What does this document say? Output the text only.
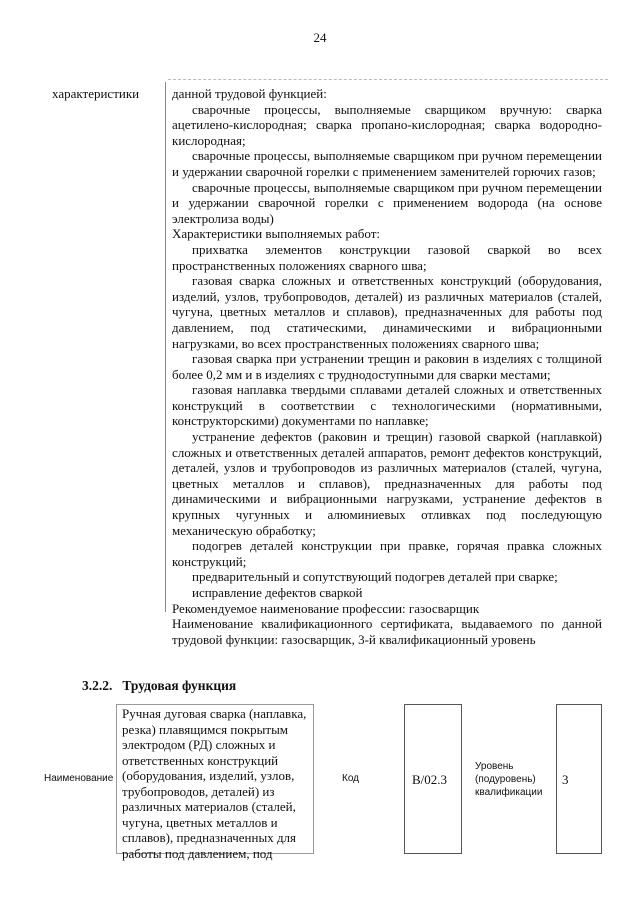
24
характеристики	данной трудовой функцией:

сварочные процессы, выполняемые сварщиком вручную: сварка ацетилено-кислородная; сварка пропано-кислородная; сварка водородно-кислородная;

сварочные процессы, выполняемые сварщиком при ручном перемещении и удержании сварочной горелки с применением заменителей горючих газов;

сварочные процессы, выполняемые сварщиком при ручном перемещении и удержании сварочной горелки с применением водорода (на основе электролиза воды)

Характеристики выполняемых работ:

прихватка элементов конструкции газовой сваркой во всех пространственных положениях сварного шва;

газовая сварка сложных и ответственных конструкций (оборудования, изделий, узлов, трубопроводов, деталей) из различных материалов (сталей, чугуна, цветных металлов и сплавов), предназначенных для работы под давлением, под статическими, динамическими и вибрационными нагрузками, во всех пространственных положениях сварного шва;

газовая сварка при устранении трещин и раковин в изделиях с толщиной более 0,2 мм и в изделиях с труднодоступными для сварки местами;

газовая наплавка твердыми сплавами деталей сложных и ответственных конструкций в соответствии с технологическими (нормативными, конструкторскими) документами по наплавке;

устранение дефектов (раковин и трещин) газовой сваркой (наплавкой) сложных и ответственных деталей аппаратов, ремонт дефектов конструкций, деталей, узлов и трубопроводов из различных материалов (сталей, чугуна, цветных металлов и сплавов), предназначенных для работы под динамическими и вибрационными нагрузками, устранение дефектов в крупных чугунных и алюминиевых отливках под последующую механическую обработку;

подогрев деталей конструкции при правке, горячая правка сложных конструкций;

предварительный и сопутствующий подогрев деталей при сварке;

исправление дефектов сваркой

Рекомендуемое наименование профессии: газосварщик

Наименование квалификационного сертификата, выдаваемого по данной трудовой функции: газосварщик, 3-й квалификационный уровень

3.2.2. Трудовая функция
Наименование
Ручная дуговая сварка (наплавка, резка) плавящимся покрытым электродом (РД) сложных и ответственных конструкций (оборудования, изделий, узлов, трубопроводов, деталей) из различных материалов (сталей, чугуна, цветных металлов и сплавов), предназначенных для работы под давлением, под
Код	B/02.3
Уровень (подуровень) квалификации
3
